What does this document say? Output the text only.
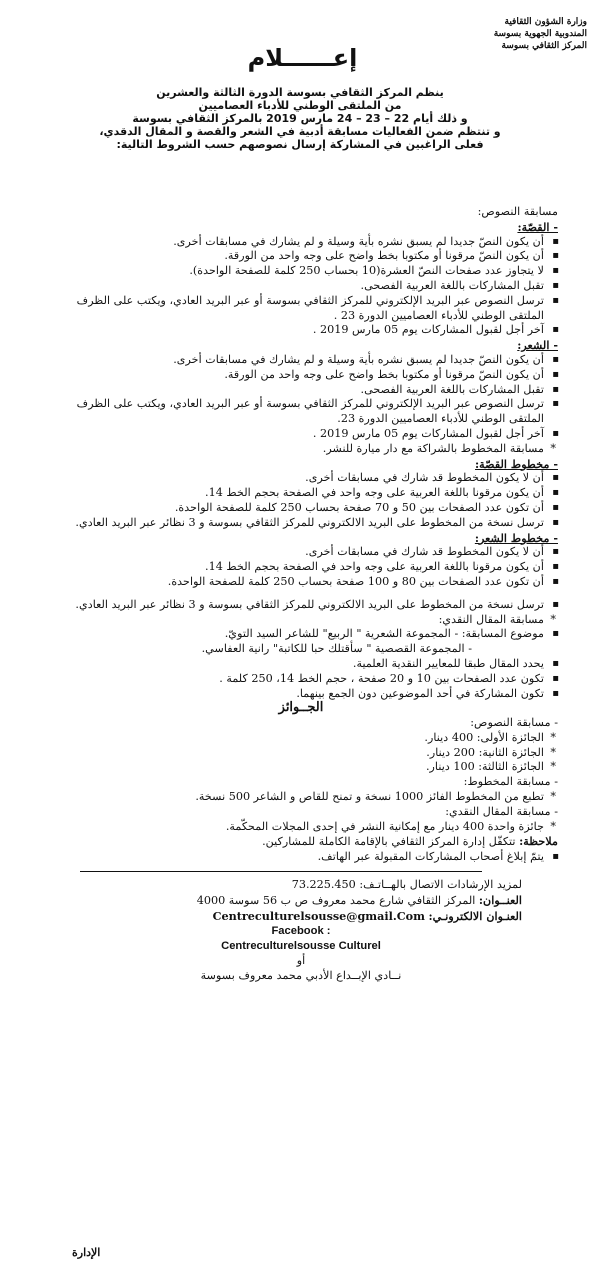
وزارة الشؤون الثقافية
المندوبية الجهوية بسوسة
المركز الثقافي بسوسة
إعــــــلام
ينظم المركز الثقافي بسوسة الدورة الثالثة والعشرين
من الملتقى الوطني للأدباء العصاميين
و ذلك أيام 22 – 23 – 24 مارس 2019 بالمركز الثقافي بسوسة
و تنتظم ضمن الفعاليات مسابقة أدبية في الشعر والقصة و المقال الدقدي،
فعلى الراغبين في المشاركة إرسال نصوصهم حسب الشروط التالية:

مسابقة النصوص:

- القصّة:

▪ أن يكون النصّ جديدا لم يسبق نشره بأية وسيلة و لم يشارك في مسابقات أخرى.

▪ أن يكون النصّ مرقونا أو مكتوبا بخط واضح على وجه واحد من الورقة.

▪ لا يتجاوز عدد صفحات النصّ العشرة(10 بحساب 250 كلمة للصفحة الواحدة).

▪ تقبل المشاركات باللغة العربية الفصحى.

▪ ترسل النصوص عبر البريد الإلكتروني للمركز الثقافي بسوسة أو عبر البريد العادي، ويكتب على الظرف الملتقى الوطني للأدباء العصاميين الدورة 23 .

▪ آخر أجل لقبول المشاركات يوم 05 مارس 2019 .

- الشعر:

▪ أن يكون النصّ جديدا لم يسبق نشره بأية وسيلة و لم يشارك في مسابقات أخرى.

▪ أن يكون النصّ مرقونا أو مكتوبا بخط واضح على وجه واحد من الورقة.

▪ تقبل المشاركات باللغة العربية الفصحى.

▪ ترسل النصوص عبر البريد الإلكتروني للمركز الثقافي بسوسة أو عبر البريد العادي، ويكتب على الظرف الملتقى الوطني للأدباء العصاميين الدورة 23.

▪ آخر أجل لقبول المشاركات يوم 05 مارس 2019 .

* مسابقة المخطوط بالشراكة مع دار ميارة للنشر.

- مخطوط القصّة:

▪ أن لا يكون المخطوط قد شارك في مسابقات أخرى.

▪ أن يكون مرقونا باللغة العربية على وجه واحد في الصفحة بحجم الخط 14.

▪ أن تكون عدد الصفحات بين 50 و 70 صفحة بحساب 250 كلمة للصفحة الواحدة.

▪ ترسل نسخة من المخطوط على البريد الالكتروني للمركز الثقافي بسوسة و 3 نظائر عبر البريد العادي.

- مخطوط الشعر:

▪ أن لا يكون المخطوط قد شارك في مسابقات أخرى.

▪ أن يكون مرقونا باللغة العربية على وجه واحد في الصفحة بحجم الخط 14.

▪ أن تكون عدد الصفحات بين 80 و 100 صفحة بحساب 250 كلمة للصفحة الواحدة.

▪ ترسل نسخة من المخطوط على البريد الالكتروني للمركز الثقافي بسوسة و 3 نظائر عبر البريد العادي.

* مسابقة المقال النقدي:

▪ موضوع المسابقة: - المجموعة الشعرية " الربيع" للشاعر السيد التويّ.

- المجموعة القصصية " سأقتلك حبا للكاتبة" رانية العفاسي.

▪ يحدد المقال طبقا للمعايير النقدية العلمية.

▪ تكون عدد الصفحات بين 10 و 20 صفحة ، حجم الخط 14، 250 كلمة .

▪ تكون المشاركة في أحد الموضوعين دون الجمع بينهما.

الجــوائز

- مسابقة النصوص:

* الجائزة الأولى: 400 دينار.

* الجائزة الثانية: 200 دينار.

* الجائزة الثالثة: 100 دينار.

- مسابقة المخطوط:

* تطبع من المخطوط الفائز 1000 نسخة و تمنح للقاص و الشاعر 500 نسخة.

- مسابقة المقال النقدي:

* جائزة واحدة 400 دينار مع إمكانية النشر في إحدى المجلات المحكّمة.

ملاحظة: تتكفّل إدارة المركز الثقافي بالإقامة الكاملة للمشاركين.

▪ يتمّ إبلاغ أصحاب المشاركات المقبولة عبر الهاتف.

لمزيد الإرشادات الاتصال بالهــاتـف: 73.225.450
العنــوان: المركز الثقافي شارع محمد معروف ص ب 56 سوسة 4000
العنـوان الالكترونـي: Centreculturelsousse@gmail.Com
Facebook :
Centreculturelsousse Culturel
أو
نــادي الإبــداع الأدبي محمد معروف بسوسة
الإدارة
